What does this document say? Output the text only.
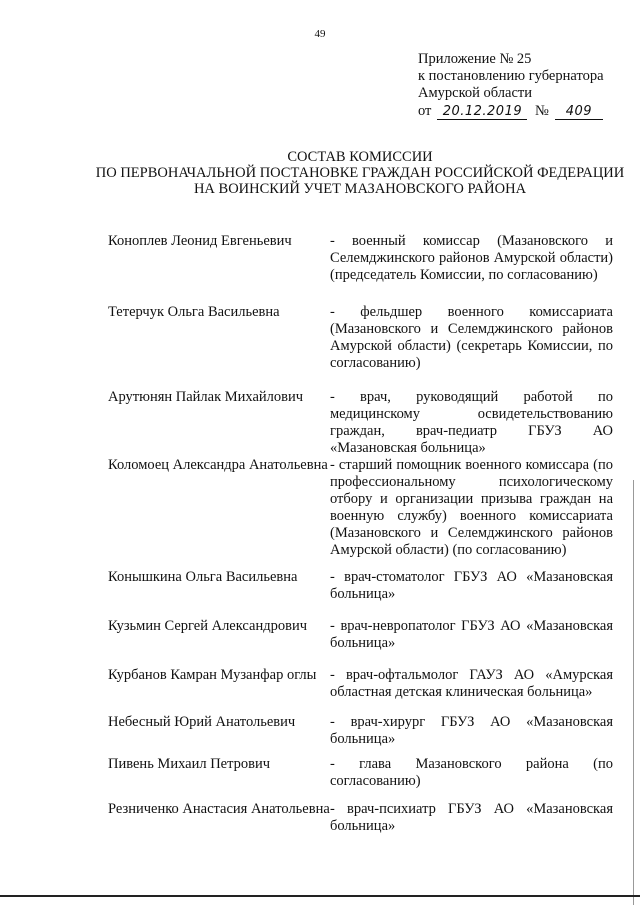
49
Приложение № 25
к постановлению губернатора
Амурской области
от 20.12.2019 № 409
СОСТАВ КОМИССИИ
ПО ПЕРВОНАЧАЛЬНОЙ ПОСТАНОВКЕ ГРАЖДАН РОССИЙСКОЙ ФЕДЕРАЦИИ
НА ВОИНСКИЙ УЧЕТ МАЗАНОВСКОГО РАЙОНА
Коноплев Леонид Евгеньевич	- военный комиссар (Мазановского и Селемджинского районов Амурской области) (председатель Комиссии, по согласованию)
Тетерчук Ольга Васильевна	- фельдшер военного комиссариата (Мазановского и Селемджинского районов Амурской области) (секретарь Комиссии, по согласованию)
Арутюнян Пайлак Михайлович	- врач, руководящий работой по медицинскому освидетельствованию граждан, врач-педиатр ГБУЗ АО «Мазановская больница»
Коломоец Александра Анатольевна - старший помощник военного комиссара (по профессиональному психологическому отбору и организации призыва граждан на военную службу) военного комиссариата (Мазановского и Селемджинского районов Амурской области) (по согласованию)
Конышкина Ольга Васильевна	- врач-стоматолог ГБУЗ АО «Мазановская больница»
Кузьмин Сергей Александрович	- врач-невропатолог ГБУЗ АО «Мазановская больница»
Курбанов Камран Музанфар оглы - врач-офтальмолог ГАУЗ АО «Амурская областная детская клиническая больница»
Небесный Юрий Анатольевич	- врач-хирург ГБУЗ АО «Мазановская больница»
Пивень Михаил Петрович	- глава Мазановского района (по согласованию)
Резниченко Анастасия Анатольевна - врач-психиатр ГБУЗ АО «Мазановская больница»
